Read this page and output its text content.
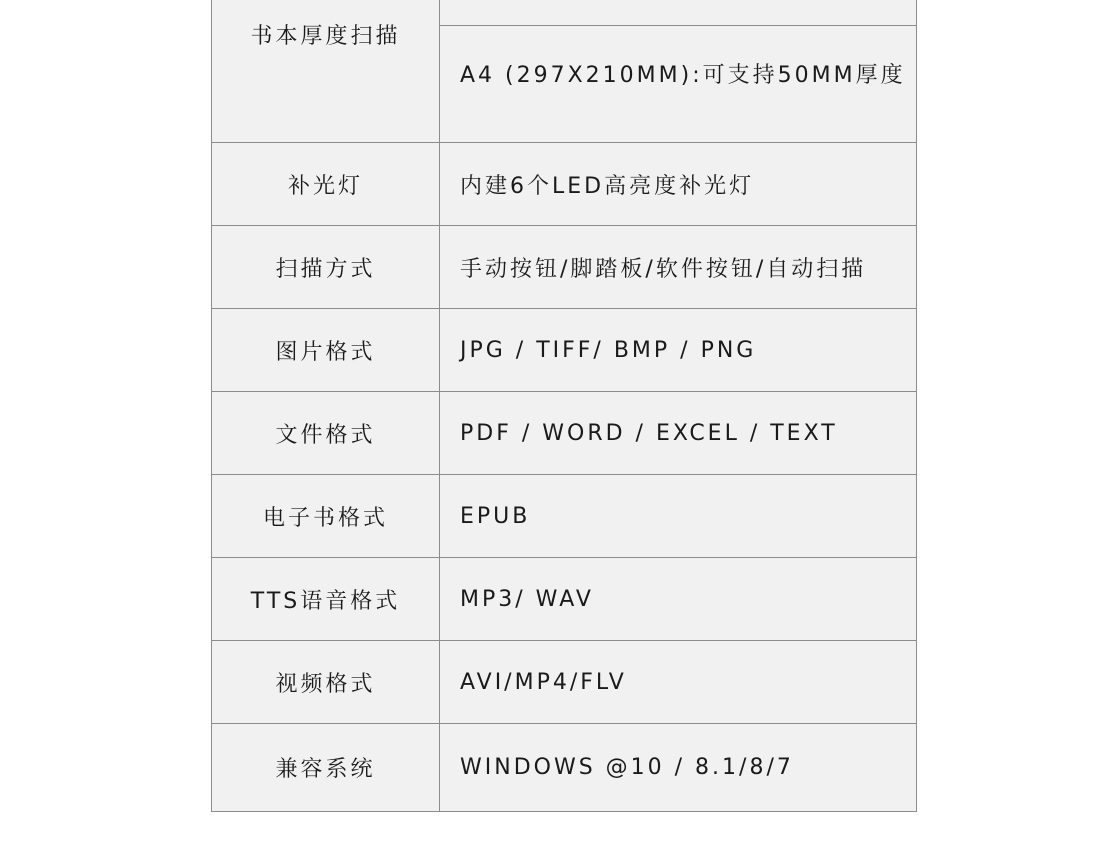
书本厚度扫描	
	A4 (297X210MM):可支持50MM厚度
补光灯	内建6个LED高亮度补光灯
扫描方式	手动按钮/脚踏板/软件按钮/自动扫描
图片格式	JPG / TIFF/ BMP / PNG
文件格式	PDF / WORD / EXCEL / TEXT
电子书格式	EPUB
TTS语音格式	MP3/ WAV
视频格式	AVI/MP4/FLV
兼容系统	WINDOWS @10 / 8.1/8/7
